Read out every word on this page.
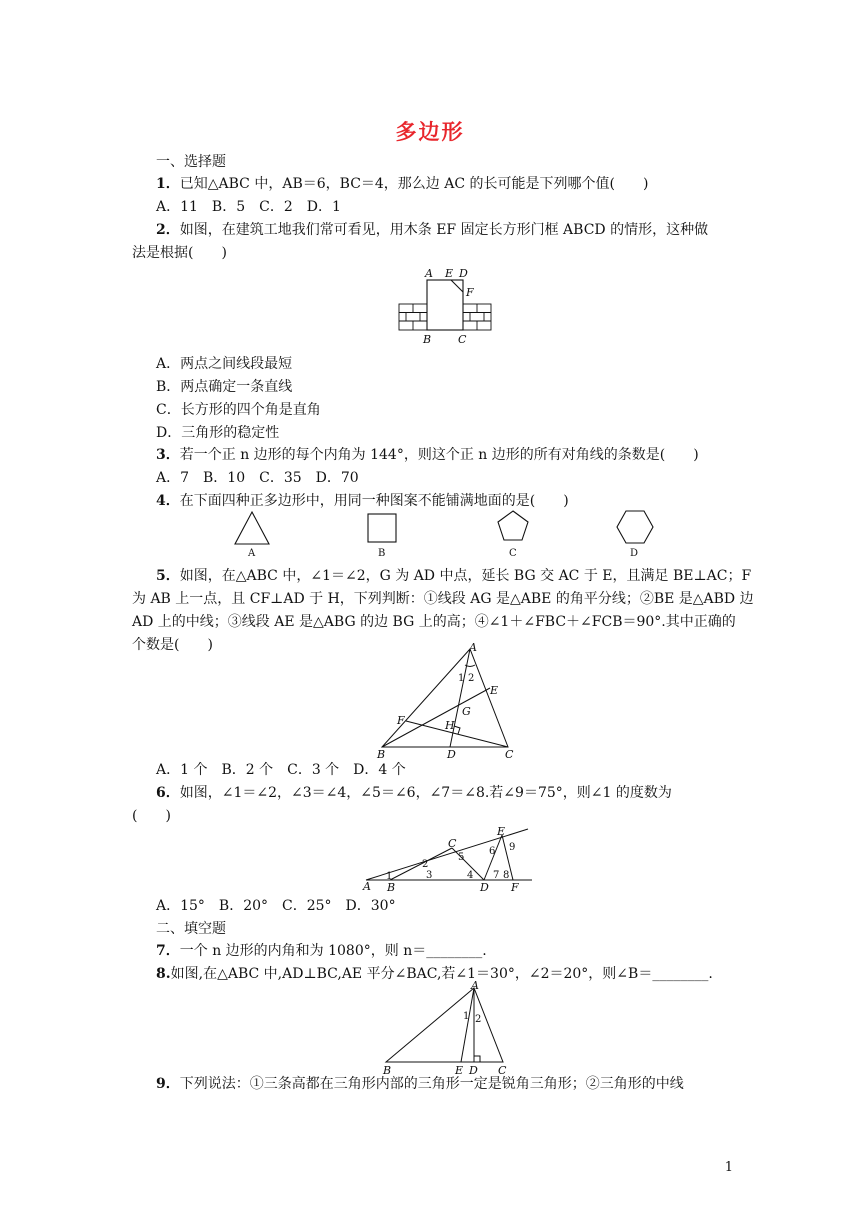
多边形
一、选择题
1．已知△ABC 中，AB＝6，BC＝4，那么边 AC 的长可能是下列哪个值(　　)
A．11　B．5　C．2　D．1
2．如图，在建筑工地我们常可看见，用木条 EF 固定长方形门框 ABCD 的情形，这种做
法是根据(　　)
A E D
F
B C
A．两点之间线段最短
B．两点确定一条直线
C．长方形的四个角是直角
D．三角形的稳定性
3．若一个正 n 边形的每个内角为 144°，则这个正 n 边形的所有对角线的条数是(　　)
A．7　B．10　C．35　D．70
4．在下面四种正多边形中，用同一种图案不能铺满地面的是(　　)
A	B	C	D
5．如图，在△ABC 中，∠1＝∠2，G 为 AD 中点，延长 BG 交 AC 于 E，且满足 BE⊥AC；F
为 AB 上一点，且 CF⊥AD 于 H，下列判断：①线段 AG 是△ABE 的角平分线；②BE 是△ABD 边
AD 上的中线；③线段 AE 是△ABG 的边 BG 上的高；④∠1＋∠FBC＋∠FCB＝90°.其中正确的
个数是(　　)	A
1 2
E
G
F	H
B	D	C
A．1 个　B．2 个　C．3 个　D．4 个
6．如图，∠1＝∠2，∠3＝∠4，∠5＝∠6，∠7＝∠8.若∠9＝75°，则∠1 的度数为
(　　)
A B
C
D
E
F
1
2
3	4
5
6
7 8
9
A．15°　B．20°　C．25°　D．30°
二、填空题
7．一个 n 边形的内角和为 1080°，则 n＝________.
8.如图,在△ABC 中,AD⊥BC,AE 平分∠BAC,若∠1＝30°，∠2＝20°，则∠B＝________.
A
1 2
B	E D C
9．下列说法：①三条高都在三角形内部的三角形一定是锐角三角形；②三角形的中线
1
